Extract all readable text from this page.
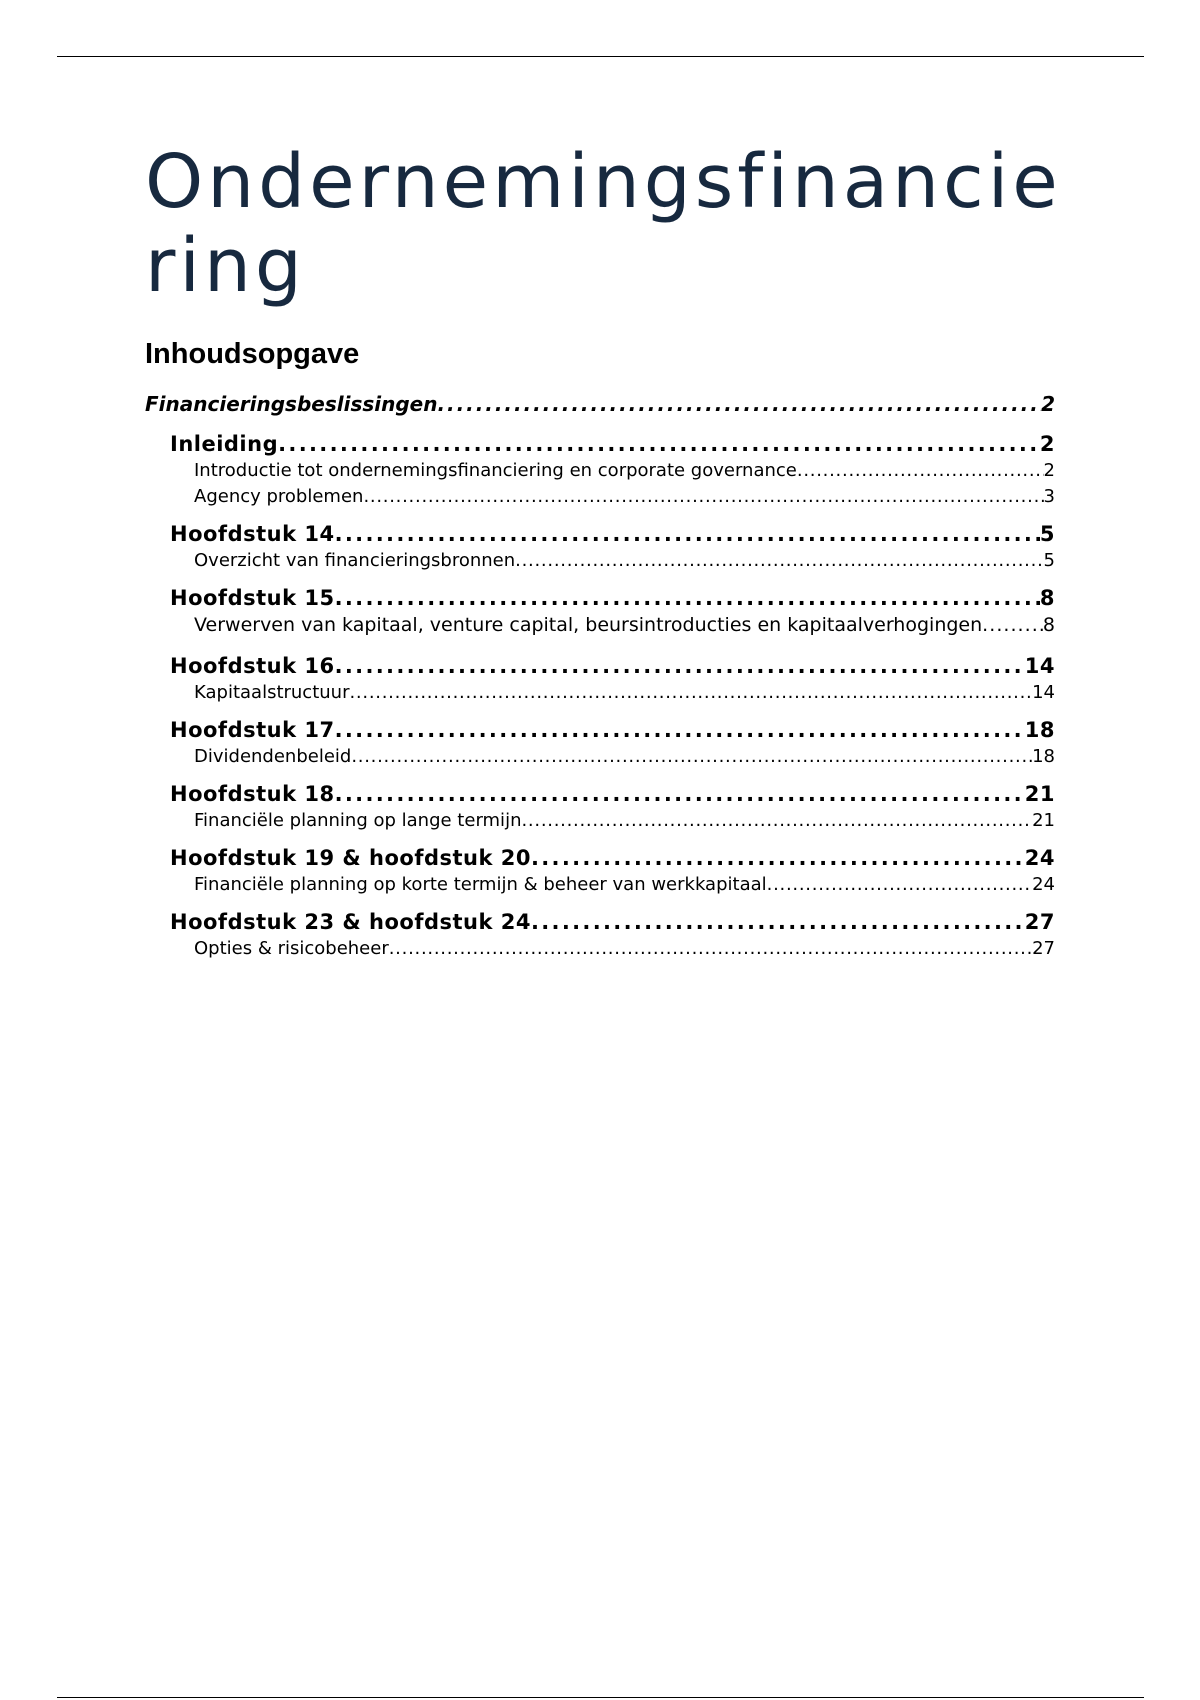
Ondernemingsfinanciering
Inhoudsopgave
Financieringsbeslissingen . . .	2
Inleiding . . .	2
Introductie tot ondernemingsfinanciering en corporate governance . . .	2
Agency problemen . . .	3
Hoofdstuk 14 . . .	5
Overzicht van financieringsbronnen . . .	5
Hoofdstuk 15 . . .	8
Verwerven van kapitaal, venture capital, beursintroducties en kapitaalverhogingen . . .	8
Hoofdstuk 16 . . .	14
Kapitaalstructuur . . .	14
Hoofdstuk 17 . . .	18
Dividendenbeleid . . .	18
Hoofdstuk 18 . . .	21
Financiële planning op lange termijn . . .	21
Hoofdstuk 19 & hoofdstuk 20 . . .	24
Financiële planning op korte termijn & beheer van werkkapitaal . . .	24
Hoofdstuk 23 & hoofdstuk 24 . . .	27
Opties & risicobeheer . . .	27
